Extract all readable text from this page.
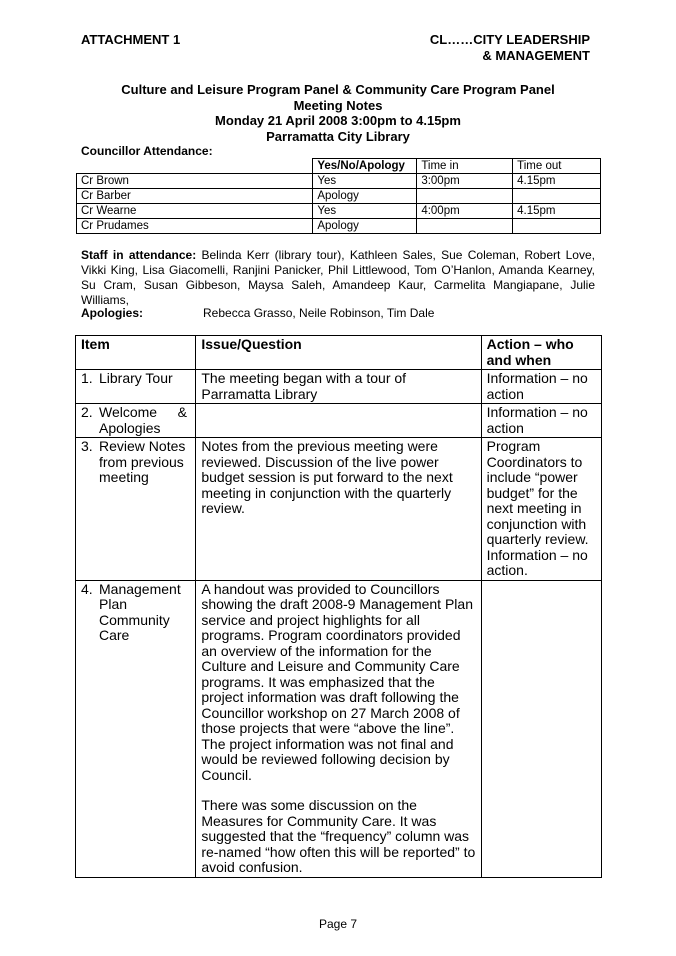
ATTACHMENT 1	CL……CITY LEADERSHIP
& MANAGEMENT
Culture and Leisure Program Panel & Community Care Program Panel
Meeting Notes
Monday 21 April 2008 3:00pm to 4.15pm
Parramatta City Library
Councillor Attendance:
	Yes/No/Apology	Time in	Time out
Cr Brown	Yes	3:00pm	4.15pm
Cr Barber	Apology		
Cr Wearne	Yes	4:00pm	4.15pm
Cr Prudames	Apology		
Staff in attendance: Belinda Kerr (library tour), Kathleen Sales, Sue Coleman, Robert Love, Vikki King, Lisa Giacomelli, Ranjini Panicker, Phil Littlewood, Tom O’Hanlon, Amanda Kearney, Su Cram, Susan Gibbeson, Maysa Saleh, Amandeep Kaur, Carmelita Mangiapane, Julie Williams,
Apologies:	Rebecca Grasso, Neile Robinson, Tim Dale
Item	Issue/Question	Action – who and when
1. Library Tour	The meeting began with a tour of Parramatta Library	Information – no action
2. Welcome & Apologies		Information – no action
3. Review Notes from previous meeting	Notes from the previous meeting were reviewed. Discussion of the live power budget session is put forward to the next meeting in conjunction with the quarterly review.	Program Coordinators to include “power budget” for the next meeting in conjunction with quarterly review. Information – no action.
4. Management Plan Community Care	A handout was provided to Councillors showing the draft 2008-9 Management Plan service and project highlights for all programs. Program coordinators provided an overview of the information for the Culture and Leisure and Community Care programs. It was emphasized that the project information was draft following the Councillor workshop on 27 March 2008 of those projects that were “above the line”. The project information was not final and would be reviewed following decision by Council.

There was some discussion on the Measures for Community Care. It was suggested that the “frequency” column was re-named “how often this will be reported” to avoid confusion.	

Page 7
